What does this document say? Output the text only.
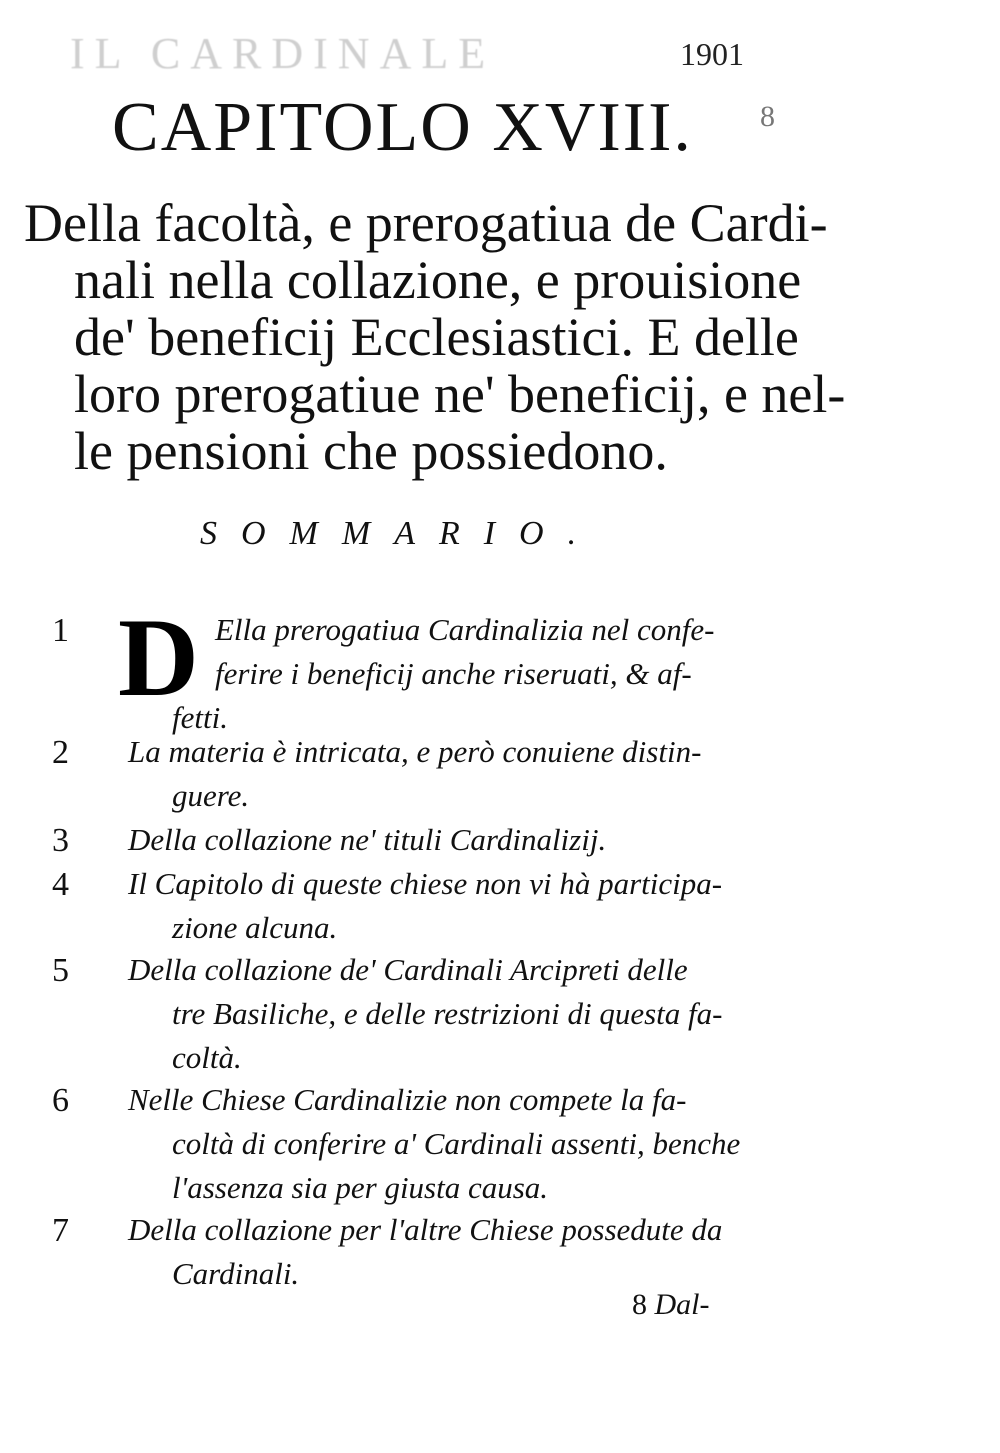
IL CARDINALE	1901
8
CAPITOLO XVIII.
Della facoltà, e prerogatiua de Cardi-
nali nella collazione, e prouisione
de' beneficij Ecclesiastici. E delle
loro prerogatiue ne' beneficij, e nel-
le pensioni che possiedono.
SOMMARIO.
1 D Ella prerogatiua Cardinalizia nel confe-
ferire i beneficij anche riseruati, & af-
fetti.
2	La materia è intricata, e però conuiene distin-
guere.
3	Della collazione ne' tituli Cardinalizij.
4	Il Capitolo di queste chiese non vi hà participa-
zione alcuna.
5	Della collazione de' Cardinali Arcipreti delle
tre Basiliche, e delle restrizioni di questa fa-
coltà.
6	Nelle Chiese Cardinalizie non compete la fa-
coltà di conferire a' Cardinali assenti, benche
l'assenza sia per giusta causa.
7	Della collazione per l'altre Chiese possedute da
Cardinali.
8 Dal-
